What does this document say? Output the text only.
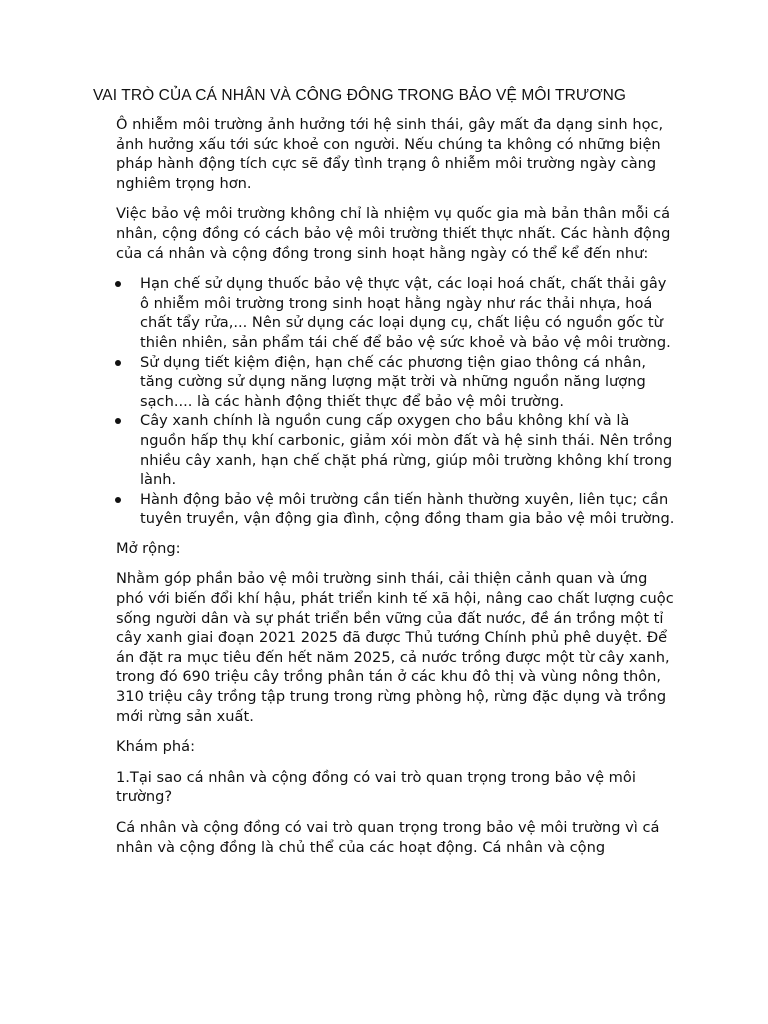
VAI TRÒ CỦA CÁ NHÂN VÀ CÔNG ĐÔNG TRONG BẢO VỆ MÔI TRƯƠNG

Ô nhiễm môi trường ảnh hưởng tới hệ sinh thái, gây mất đa dạng sinh học, ảnh hưởng xấu tới sức khoẻ con người. Nếu chúng ta không có những biện pháp hành động tích cực sẽ đẩy tình trạng ô nhiễm môi trường ngày càng nghiêm trọng hơn.

Việc bảo vệ môi trường không chỉ là nhiệm vụ quốc gia mà bản thân mỗi cá nhân, cộng đồng có cách bảo vệ môi trường thiết thực nhất. Các hành động của cá nhân và cộng đồng trong sinh hoạt hằng ngày có thể kể đến như:

Hạn chế sử dụng thuốc bảo vệ thực vật, các loại hoá chất, chất thải gây ô nhiễm môi trường trong sinh hoạt hằng ngày như rác thải nhựa, hoá chất tẩy rửa,... Nên sử dụng các loại dụng cụ, chất liệu có nguồn gốc từ thiên nhiên, sản phẩm tái chế để bảo vệ sức khoẻ và bảo vệ môi trường.
Sử dụng tiết kiệm điện, hạn chế các phương tiện giao thông cá nhân, tăng cường sử dụng năng lượng mặt trời và những nguồn năng lượng sạch.... là các hành động thiết thực để bảo vệ môi trường.
Cây xanh chính là nguồn cung cấp oxygen cho bầu không khí và là nguồn hấp thụ khí carbonic, giảm xói mòn đất và hệ sinh thái. Nên trồng nhiều cây xanh, hạn chế chặt phá rừng, giúp môi trường không khí trong lành.
Hành động bảo vệ môi trường cần tiến hành thường xuyên, liên tục; cần tuyên truyền, vận động gia đình, cộng đồng tham gia bảo vệ môi trường.

Mở rộng:

Nhằm góp phần bảo vệ môi trường sinh thái, cải thiện cảnh quan và ứng phó với biến đổi khí hậu, phát triển kinh tế xã hội, nâng cao chất lượng cuộc sống người dân và sự phát triển bền vững của đất nước, đề án trồng một tỉ cây xanh giai đoạn 2021 2025 đã được Thủ tướng Chính phủ phê duyệt. Để án đặt ra mục tiêu đến hết năm 2025, cả nước trồng được một từ cây xanh, trong đó 690 triệu cây trồng phân tán ở các khu đô thị và vùng nông thôn, 310 triệu cây trồng tập trung trong rừng phòng hộ, rừng đặc dụng và trồng mới rừng sản xuất.

Khám phá:

1.Tại sao cá nhân và cộng đồng có vai trò quan trọng trong bảo vệ môi trường?

Cá nhân và cộng đồng có vai trò quan trọng trong bảo vệ môi trường vì cá nhân và cộng đồng là chủ thể của các hoạt động. Cá nhân và cộng
